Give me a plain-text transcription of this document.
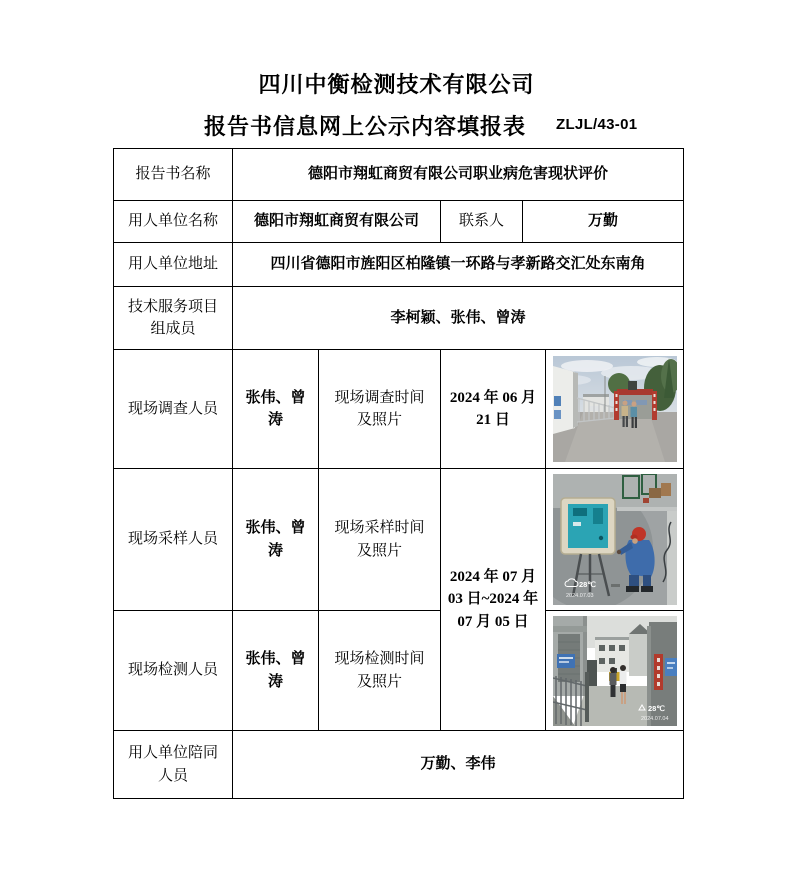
四川中衡检测技术有限公司
报告书信息网上公示内容填报表	ZLJL/43-01
报告书名称	德阳市翔虹商贸有限公司职业病危害现状评价				
用人单位名称	德阳市翔虹商贸有限公司		联系人	万勤	
用人单位地址	四川省德阳市旌阳区柏隆镇一环路与孝新路交汇处东南角				
技术服务项目组成员	李柯颖、张伟、曾涛				
现场调查人员	张伟、曾涛	现场调查时间及照片	2024 年 06 月 21 日	

现场采样人员	张伟、曾涛	现场采样时间及照片	2024 年 07 月 03 日~2024 年 07 月 05 日		28℃
2024.07.03

现场检测人员	张伟、曾涛	现场检测时间及照片			28℃
2024.07.04

用人单位陪同人员	万勤、李伟				
